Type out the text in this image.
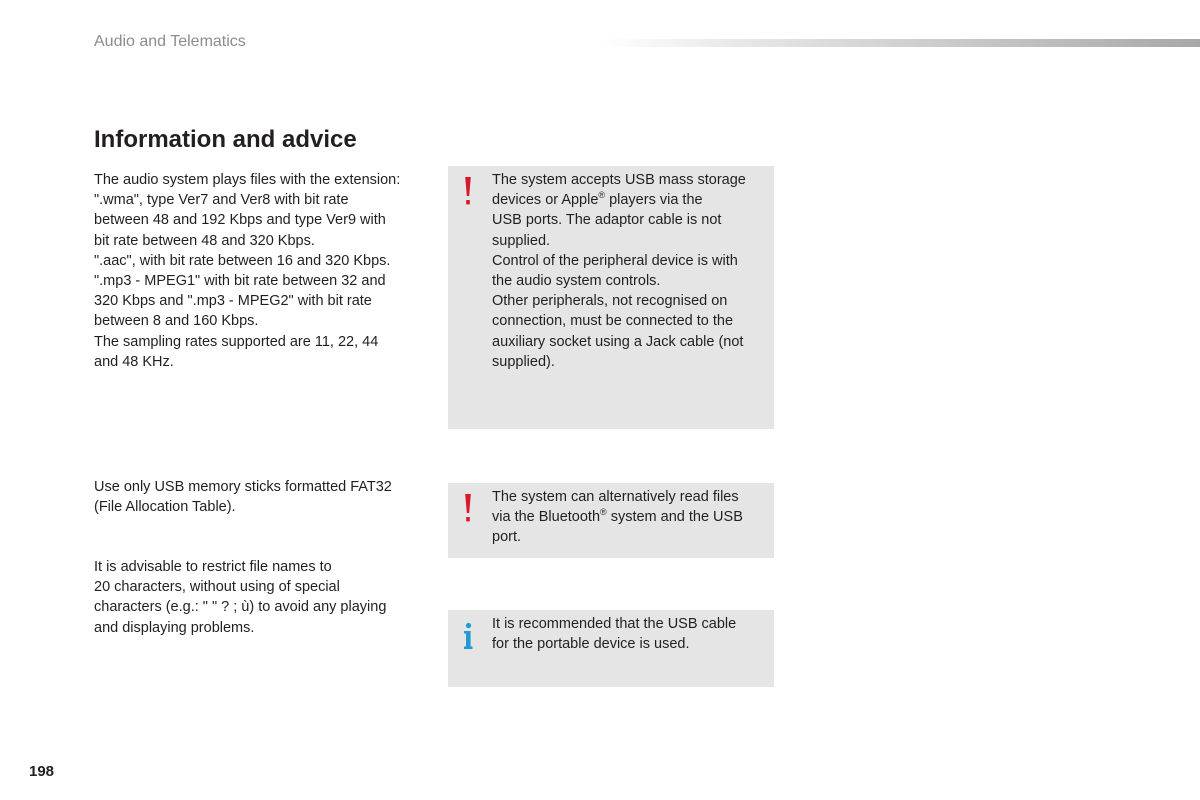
Audio and Telematics
Information and advice

The audio system plays files with the extension:
".wma", type Ver7 and Ver8 with bit rate
between 48 and 192 Kbps and type Ver9 with
bit rate between 48 and 320 Kbps.
".aac", with bit rate between 16 and 320 Kbps.
".mp3 - MPEG1" with bit rate between 32 and
320 Kbps and ".mp3 - MPEG2" with bit rate
between 8 and 160 Kbps.
The sampling rates supported are 11, 22, 44
and 48 KHz.

Use only USB memory sticks formatted FAT32
(File Allocation Table).

It is advisable to restrict file names to
20 characters, without using of special
characters (e.g.: " " ? ; ù) to avoid any playing
and displaying problems.

The system accepts USB mass storage
devices or Apple® players via the
USB ports. The adaptor cable is not
supplied.
Control of the peripheral device is with
the audio system controls.
Other peripherals, not recognised on
connection, must be connected to the
auxiliary socket using a Jack cable (not
supplied).

The system can alternatively read files
via the Bluetooth® system and the USB
port.

It is recommended that the USB cable
for the portable device is used.

198
